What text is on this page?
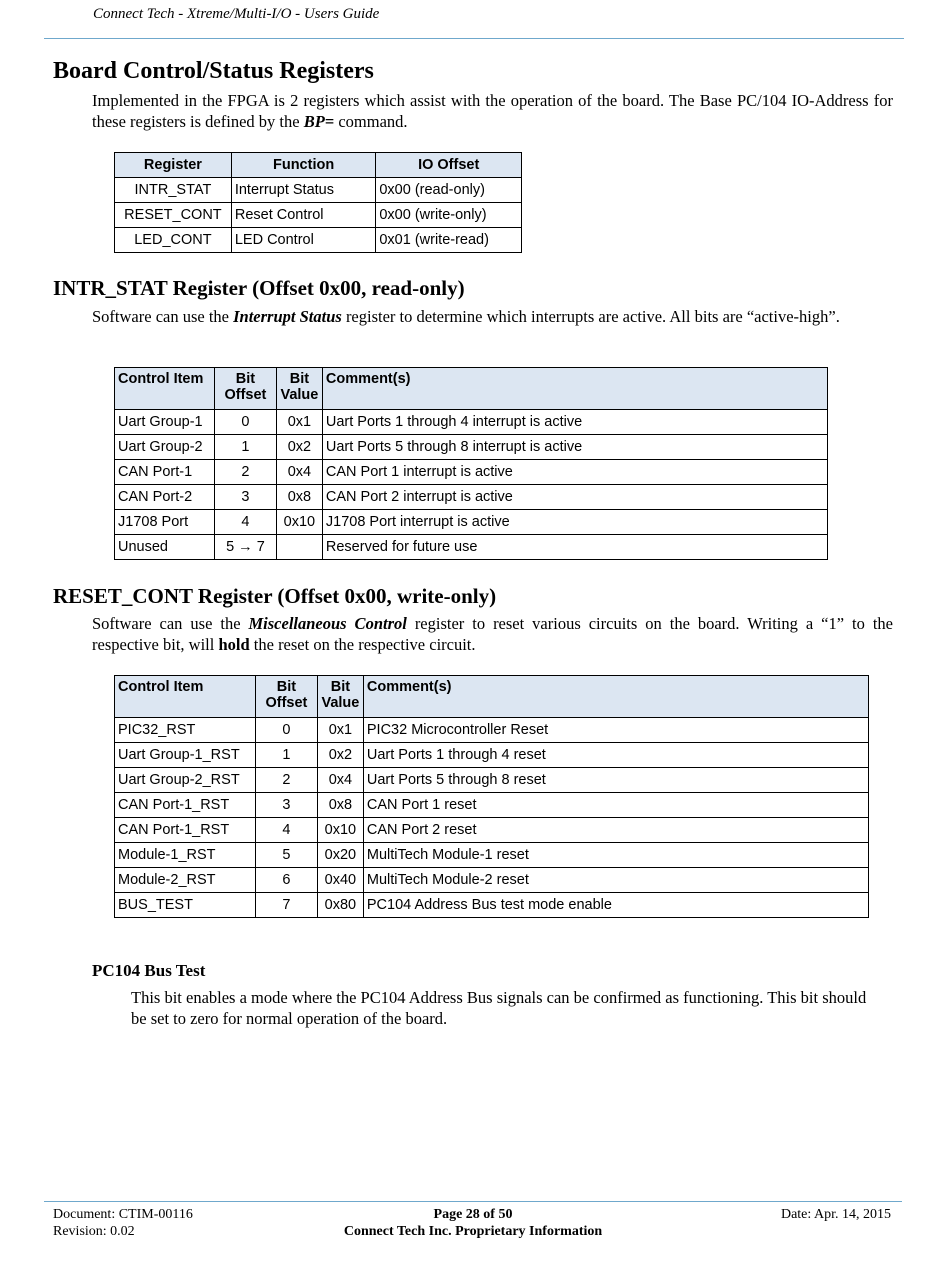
Connect Tech - Xtreme/Multi-I/O - Users Guide
Board Control/Status Registers

Implemented in the FPGA is 2 registers which assist with the operation of the board. The Base PC/104 IO-Address for these registers is defined by the BP= command.

Register	Function	IO Offset
INTR_STAT	Interrupt Status	0x00 (read-only)
RESET_CONT	Reset Control	0x00 (write-only)
LED_CONT	LED Control	0x01 (write-read)
INTR_STAT Register (Offset 0x00, read-only)

Software can use the Interrupt Status register to determine which interrupts are active. All bits are “active-high”.

Control Item	Bit Offset	Bit Value	Comment(s)
Uart Group-1	0	0x1	Uart Ports 1 through 4 interrupt is active
Uart Group-2	1	0x2	Uart Ports 5 through 8 interrupt is active
CAN Port-1	2	0x4	CAN Port 1 interrupt is active
CAN Port-2	3	0x8	CAN Port 2 interrupt is active
J1708 Port	4	0x10	J1708 Port interrupt is active
Unused	5 → 7		Reserved for future use
RESET_CONT Register (Offset 0x00, write-only)

Software can use the Miscellaneous Control register to reset various circuits on the board. Writing a “1” to the respective bit, will hold the reset on the respective circuit.

Control Item	Bit Offset	Bit Value	Comment(s)
PIC32_RST	0	0x1	PIC32 Microcontroller Reset
Uart Group-1_RST	1	0x2	Uart Ports 1 through 4 reset
Uart Group-2_RST	2	0x4	Uart Ports 5 through 8 reset
CAN Port-1_RST	3	0x8	CAN Port 1 reset
CAN Port-1_RST	4	0x10	CAN Port 2 reset
Module-1_RST	5	0x20	MultiTech Module-1 reset
Module-2_RST	6	0x40	MultiTech Module-2 reset
BUS_TEST	7	0x80	PC104 Address Bus test mode enable
PC104 Bus Test

This bit enables a mode where the PC104 Address Bus signals can be confirmed as functioning. This bit should be set to zero for normal operation of the board.

Document: CTIM-00116
Revision: 0.02
Page 28 of 50
Connect Tech Inc. Proprietary Information
Date: Apr. 14, 2015
